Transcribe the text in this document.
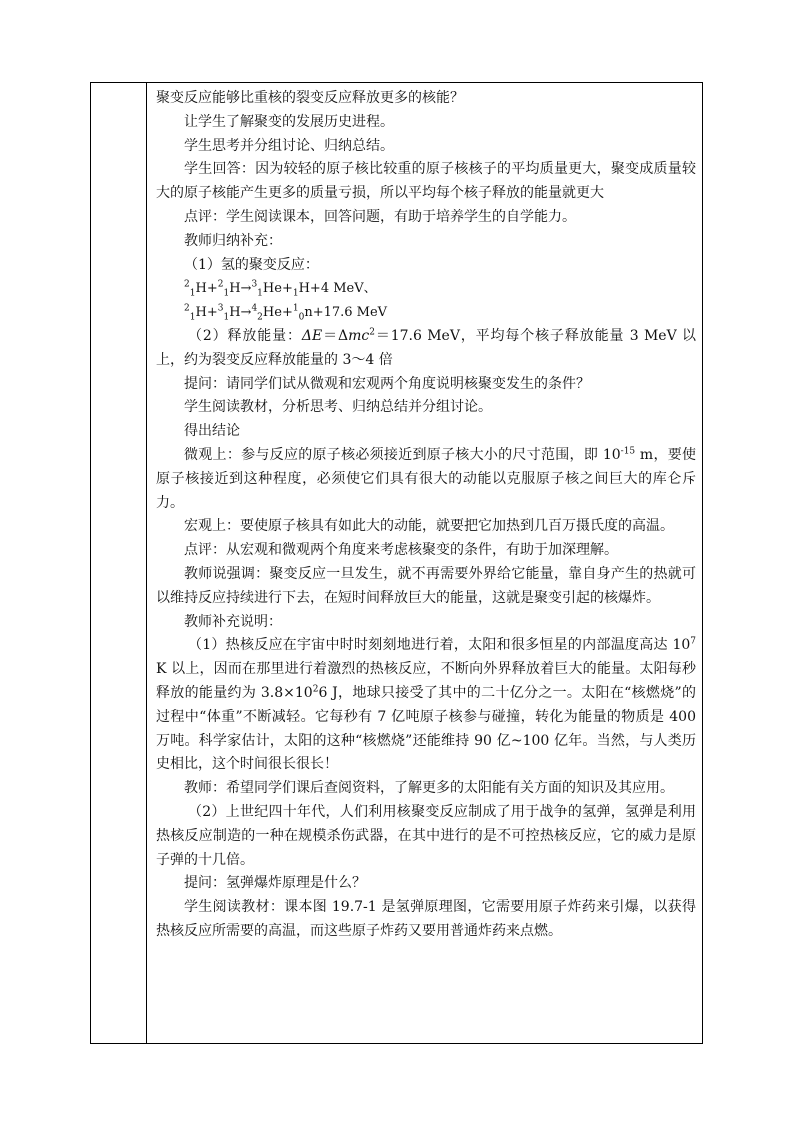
聚变反应能够比重核的裂变反应释放更多的核能？

让学生了解聚变的发展历史进程。

学生思考并分组讨论、归纳总结。

学生回答：因为较轻的原子核比较重的原子核核子的平均质量更大，聚变成质量较大的原子核能产生更多的质量亏损，所以平均每个核子释放的能量就更大

点评：学生阅读课本，回答问题，有助于培养学生的自学能力。

教师归纳补充：

（1）氢的聚变反应：

$^2_1H+^2_1H\to^3_1He+_1H+4$ MeV、

$^2_1$H+$^3_1$H→$^4_2$He+$^1_0$n+17.6 MeV

（2）释放能量：ΔE＝Δmc$^2$＝17.6 MeV，平均每个核子释放能量 3 MeV 以上，约为裂变反应释放能量的 3～4 倍

提问：请同学们试从微观和宏观两个角度说明核聚变发生的条件？

学生阅读教材，分析思考、归纳总结并分组讨论。

得出结论

微观上：参与反应的原子核必须接近到原子核大小的尺寸范围，即 $10^{-15}$ m，要使原子核接近到这种程度，必须使它们具有很大的动能以克服原子核之间巨大的库仑斥力。

宏观上：要使原子核具有如此大的动能，就要把它加热到几百万摄氏度的高温。

点评：从宏观和微观两个角度来考虑核聚变的条件，有助于加深理解。

教师说强调：聚变反应一旦发生，就不再需要外界给它能量，靠自身产生的热就可以维持反应持续进行下去，在短时间释放巨大的能量，这就是聚变引起的核爆炸。

教师补充说明：

（1）热核反应在宇宙中时时刻刻地进行着，太阳和很多恒星的内部温度高达 $10^7$ K 以上，因而在那里进行着激烈的热核反应，不断向外界释放着巨大的能量。太阳每秒释放的能量约为 $3.8\times 10^26$ J，地球只接受了其中的二十亿分之一。太阳在“核燃烧”的过程中“体重”不断减轻。它每秒有 7 亿吨原子核参与碰撞，转化为能量的物质是 400 万吨。科学家估计，太阳的这种“核燃烧”还能维持 90 亿~100 亿年。当然，与人类历史相比，这个时间很长很长！

教师：希望同学们课后查阅资料，了解更多的太阳能有关方面的知识及其应用。

（2）上世纪四十年代，人们利用核聚变反应制成了用于战争的氢弹，氢弹是利用热核反应制造的一种在规模杀伤武器，在其中进行的是不可控热核反应，它的威力是原子弹的十几倍。

提问：氢弹爆炸原理是什么？

学生阅读教材：课本图 19.7-1 是氢弹原理图，它需要用原子炸药来引爆，以获得热核反应所需要的高温，而这些原子炸药又要用普通炸药来点燃。
